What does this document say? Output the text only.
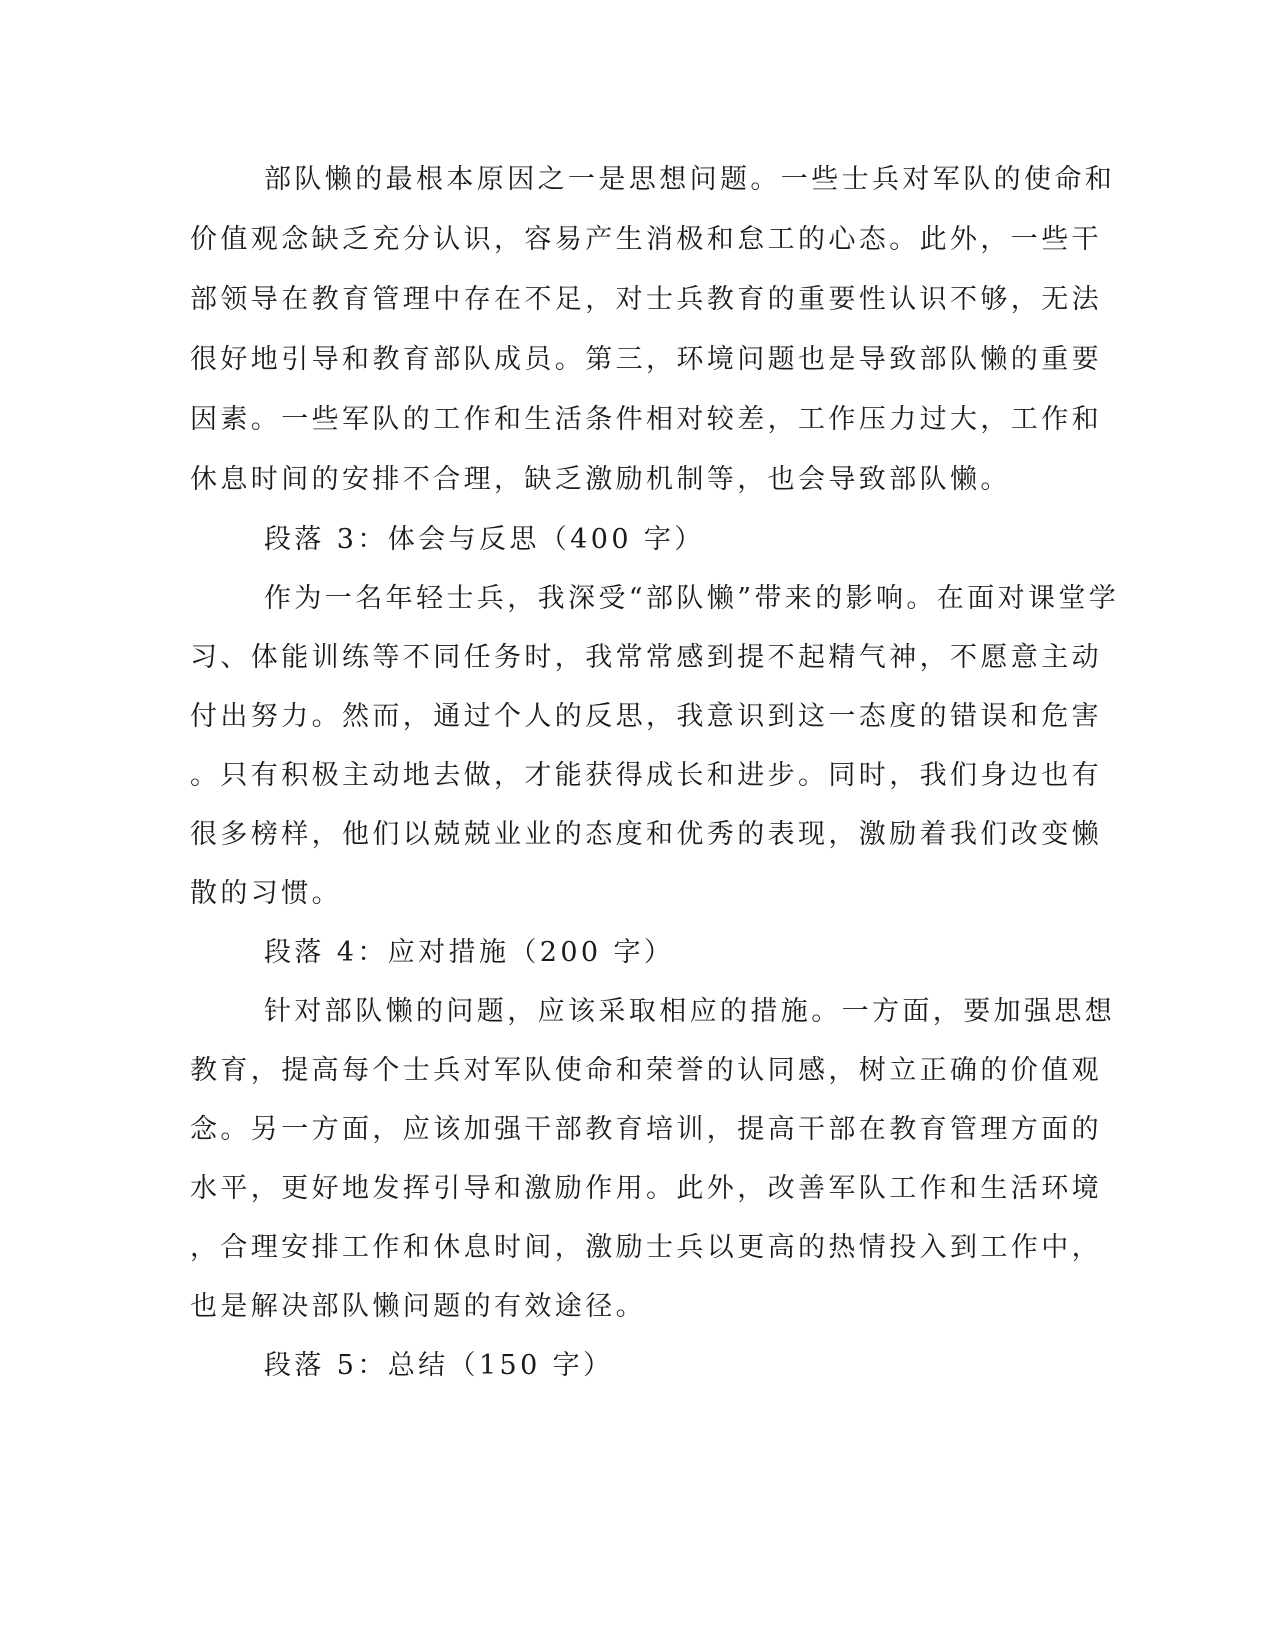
部队懒的最根本原因之一是思想问题。一些士兵对军队的使命和
价值观念缺乏充分认识，容易产生消极和怠工的心态。此外，一些干
部领导在教育管理中存在不足，对士兵教育的重要性认识不够，无法
很好地引导和教育部队成员。第三，环境问题也是导致部队懒的重要
因素。一些军队的工作和生活条件相对较差，工作压力过大，工作和
休息时间的安排不合理，缺乏激励机制等，也会导致部队懒。
段落 3：体会与反思（400 字）
作为一名年轻士兵，我深受“部队懒”带来的影响。在面对课堂学
习、体能训练等不同任务时，我常常感到提不起精气神，不愿意主动
付出努力。然而，通过个人的反思，我意识到这一态度的错误和危害
。只有积极主动地去做，才能获得成长和进步。同时，我们身边也有
很多榜样，他们以兢兢业业的态度和优秀的表现，激励着我们改变懒
散的习惯。
段落 4：应对措施（200 字）
针对部队懒的问题，应该采取相应的措施。一方面，要加强思想
教育，提高每个士兵对军队使命和荣誉的认同感，树立正确的价值观
念。另一方面，应该加强干部教育培训，提高干部在教育管理方面的
水平，更好地发挥引导和激励作用。此外，改善军队工作和生活环境
，合理安排工作和休息时间，激励士兵以更高的热情投入到工作中，
也是解决部队懒问题的有效途径。
段落 5：总结（150 字）
